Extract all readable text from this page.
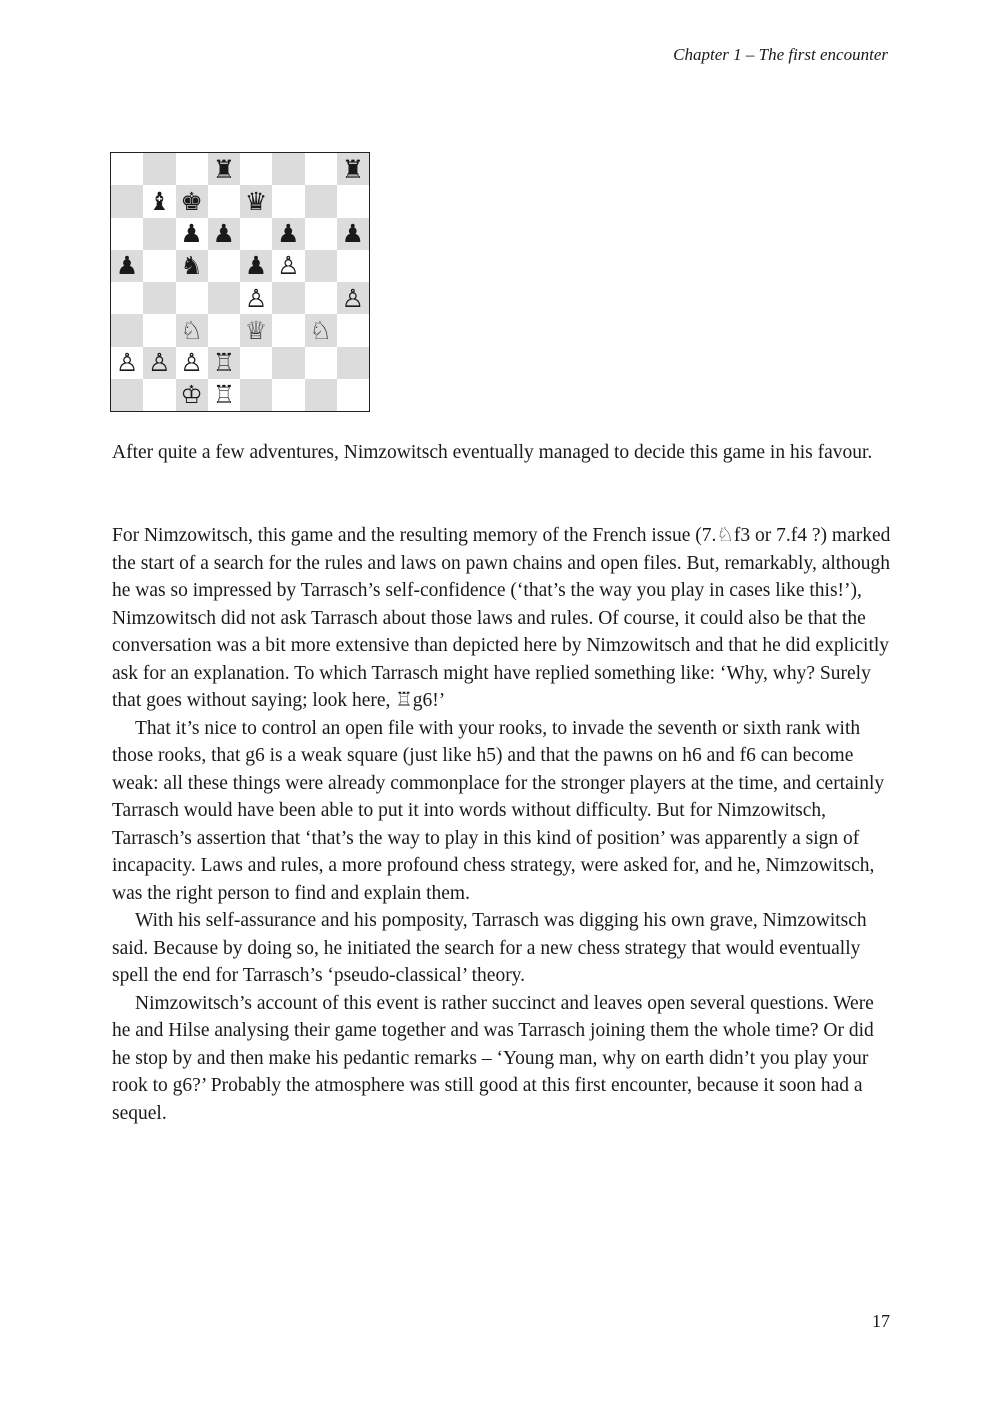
Chapter 1 – The first encounter
♜	♜
♝ ♚ ♛
♟ ♟ ♟ ♟
♟ ♞ ♟ ♙
♙	♙
♘ ♕ ♘
♙ ♙ ♙ ♖
♔ ♖

After quite a few adventures, Nimzowitsch eventually managed to decide this game in his favour.

For Nimzowitsch, this game and the resulting memory of the French issue (7.♘f3 or 7.f4 ?) marked the start of a search for the rules and laws on pawn chains and open files. But, remarkably, although he was so impressed by Tarrasch’s self-confidence (‘that’s the way you play in cases like this!’), Nimzowitsch did not ask Tarrasch about those laws and rules. Of course, it could also be that the conversation was a bit more extensive than depicted here by Nimzowitsch and that he did explicitly ask for an explanation. To which Tarrasch might have replied something like: ‘Why, why? Surely that goes without saying; look here, ♖g6!’

That it’s nice to control an open file with your rooks, to invade the seventh or sixth rank with those rooks, that g6 is a weak square (just like h5) and that the pawns on h6 and f6 can become weak: all these things were already commonplace for the stronger players at the time, and certainly Tarrasch would have been able to put it into words without difficulty. But for Nimzowitsch, Tarrasch’s assertion that ‘that’s the way to play in this kind of position’ was apparently a sign of incapacity. Laws and rules, a more profound chess strategy, were asked for, and he, Nimzowitsch, was the right person to find and explain them.

With his self-assurance and his pomposity, Tarrasch was digging his own grave, Nimzowitsch said. Because by doing so, he initiated the search for a new chess strategy that would eventually spell the end for Tarrasch’s ‘pseudo-classical’ theory.

Nimzowitsch’s account of this event is rather succinct and leaves open several questions. Were he and Hilse analysing their game together and was Tarrasch joining them the whole time? Or did he stop by and then make his pedantic remarks – ‘Young man, why on earth didn’t you play your rook to g6?’ Probably the atmosphere was still good at this first encounter, because it soon had a sequel.

17
